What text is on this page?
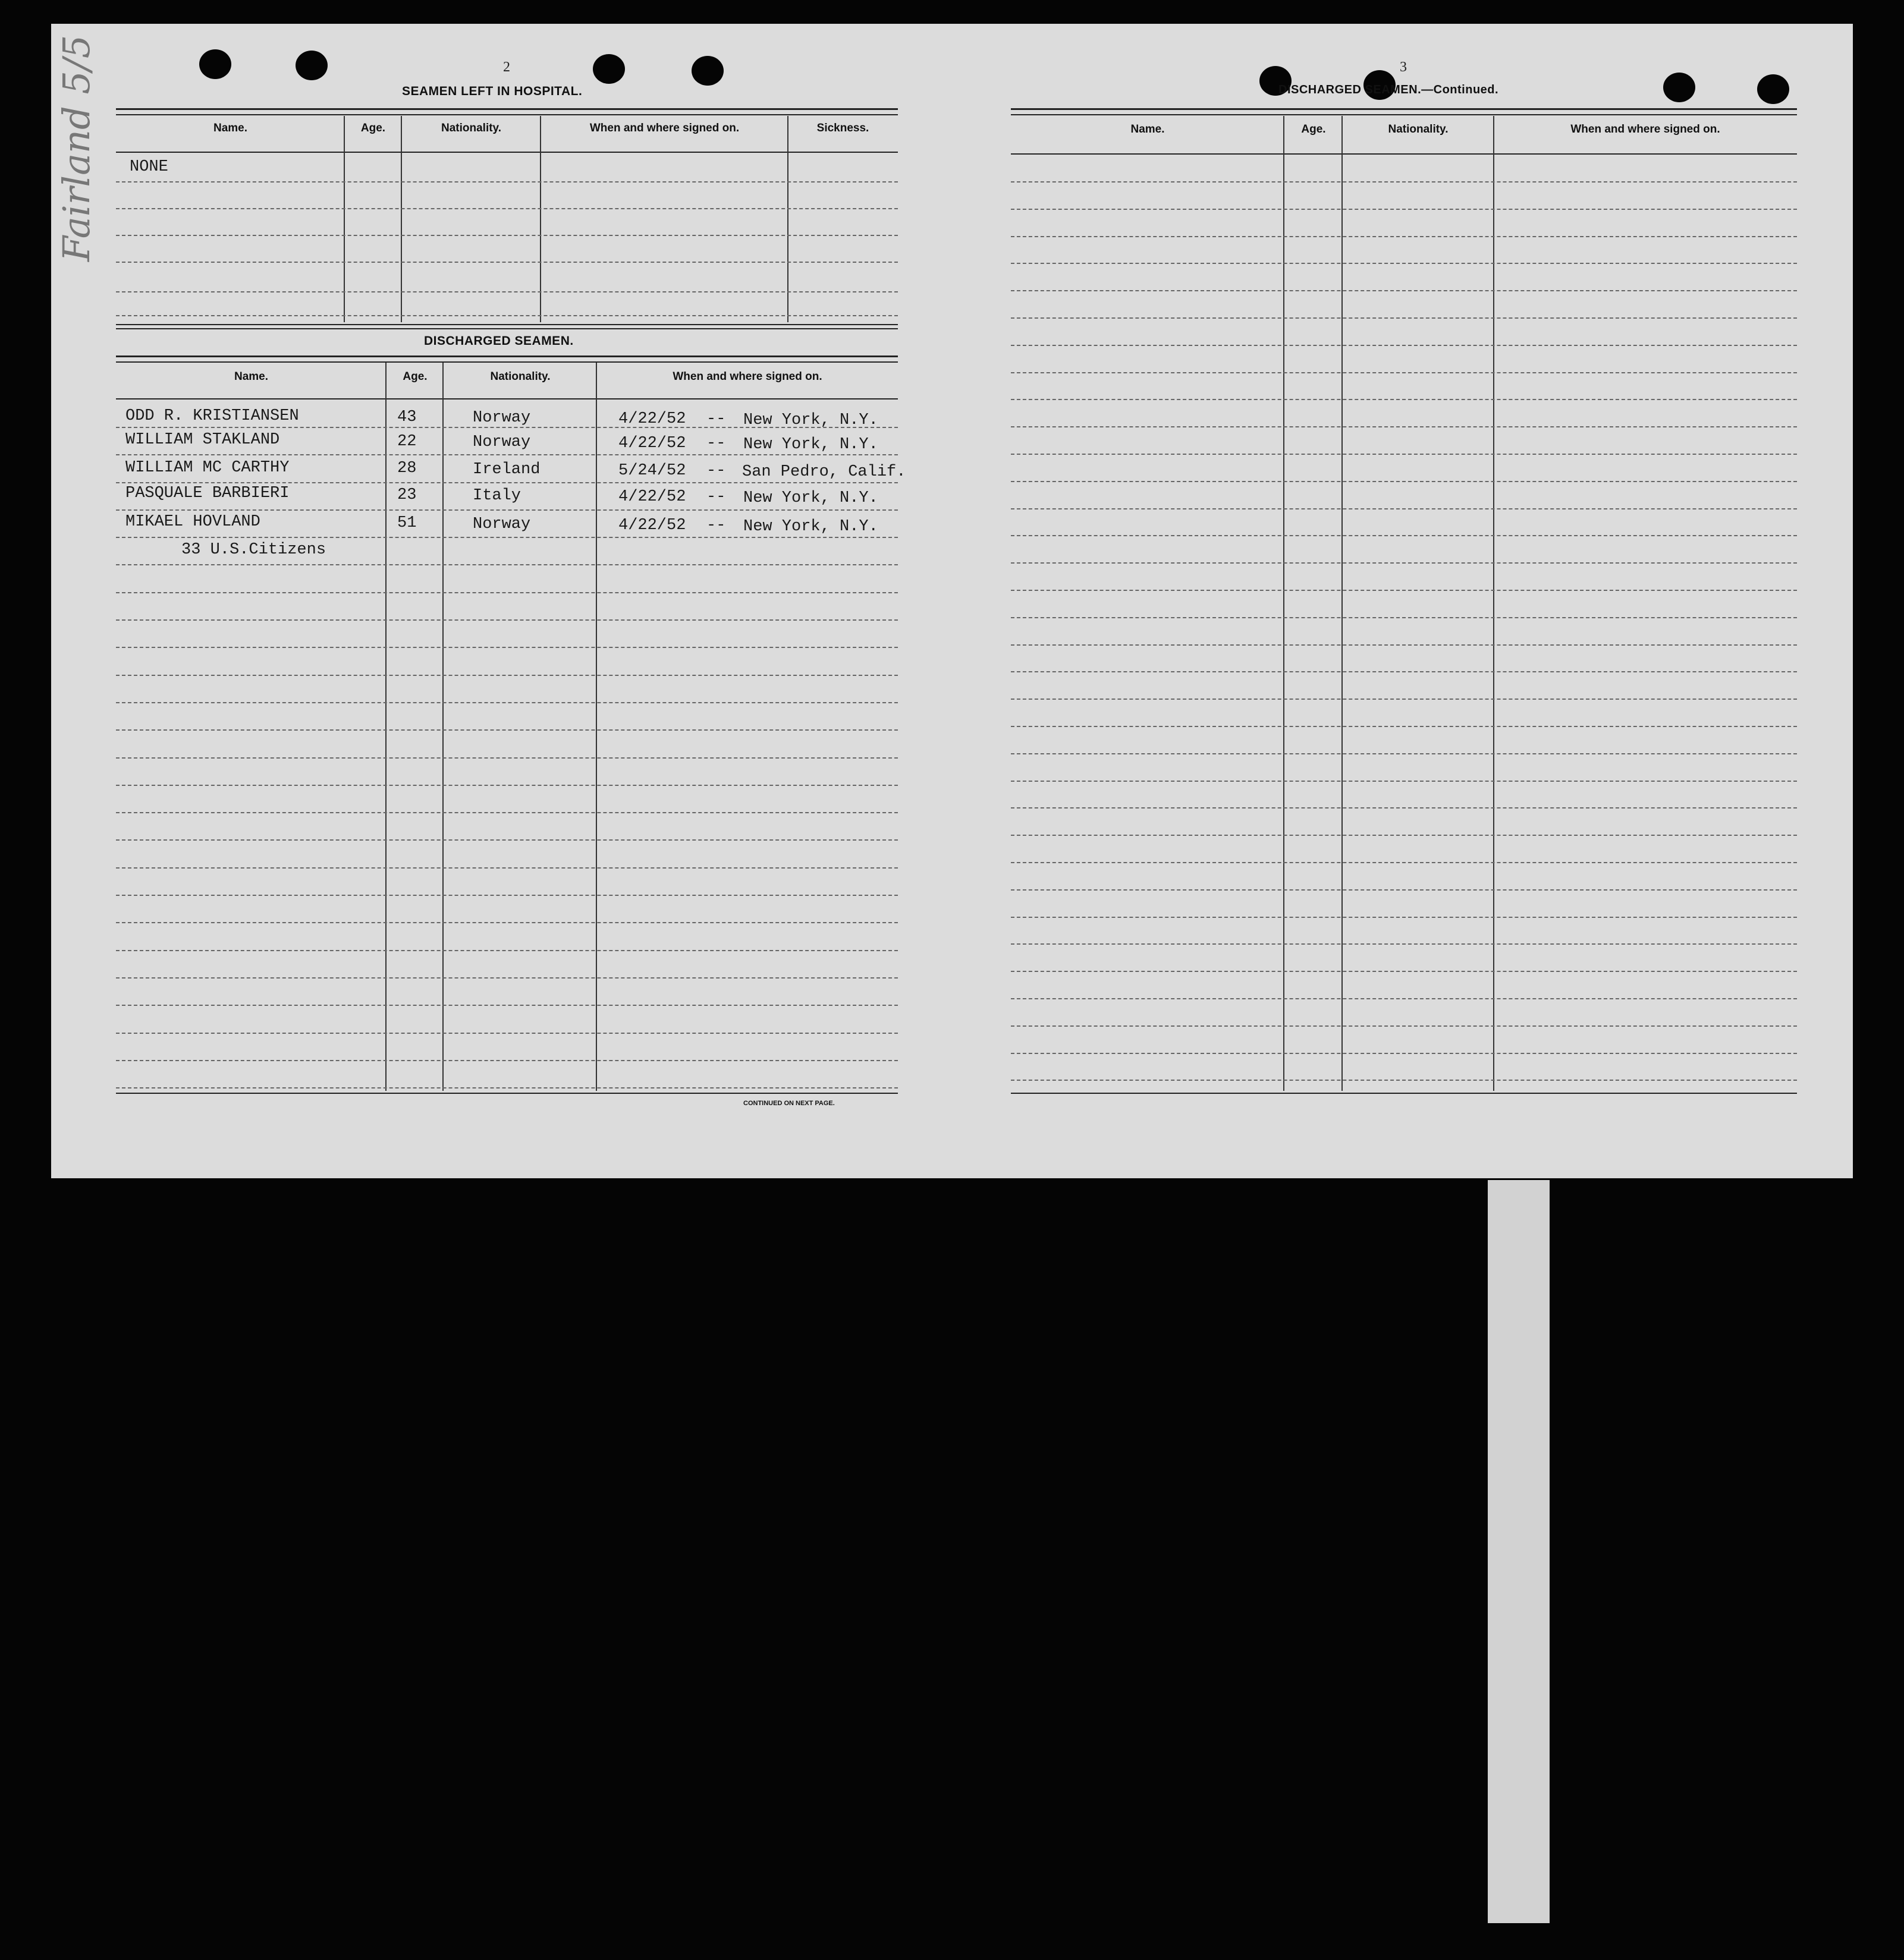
Fairland 5/5	2
SEAMEN LEFT IN HOSPITAL.
Name.	Age.	Nationality.	When and where signed on.	Sickness.
NONE
DISCHARGED SEAMEN.
Name.	Age.	Nationality.	When and where signed on.
ODD R. KRISTIANSEN	43	Norway	4/22/52 -- New York, N.Y.
WILLIAM STAKLAND	22	Norway	4/22/52 -- New York, N.Y.
WILLIAM MC CARTHY	28	Ireland	5/24/52 -- San Pedro, Calif.
PASQUALE BARBIERI	23	Italy	4/22/52 -- New York, N.Y.
MIKAEL HOVLAND	51	Norway	4/22/52 -- New York, N.Y.
33 U.S.Citizens
CONTINUED ON NEXT PAGE.
3
DISCHARGED SEAMEN.—Continued.
Name.	Age.	Nationality.	When and where signed on.
